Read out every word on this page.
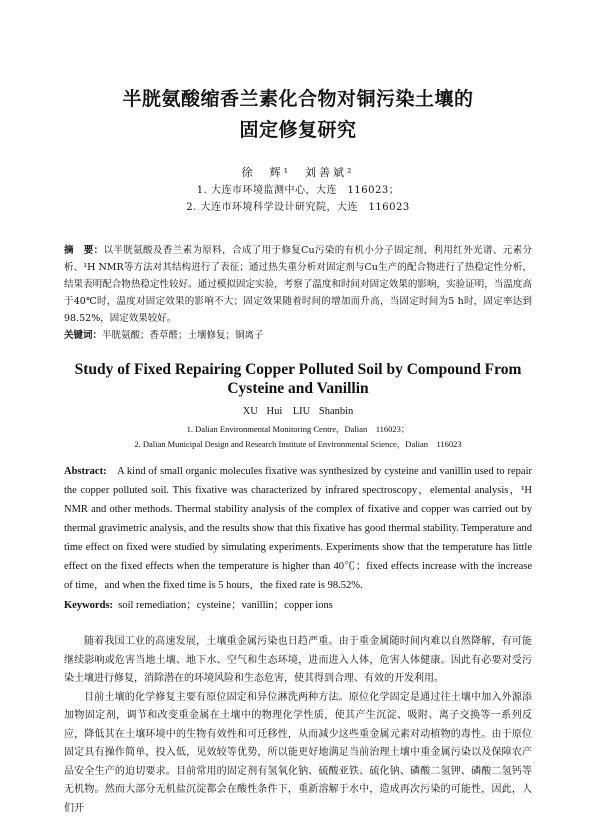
半胱氨酸缩香兰素化合物对铜污染土壤的
固定修复研究
徐　辉¹　刘善斌²
1. 大连市环境监测中心，大连　116023；
2. 大连市环境科学设计研究院，大连　116023
摘　要：以半胱氨酸及香兰素为原料，合成了用于修复Cu污染的有机小分子固定剂，利用红外光谱、元素分析、¹H NMR等方法对其结构进行了表征；通过热失重分析对固定剂与Cu生产的配合物进行了热稳定性分析，结果表明配合物热稳定性较好。通过模拟固定实验，考察了温度和时间对固定效果的影响，实验证明，当温度高于40℃时，温度对固定效果的影响不大；固定效果随着时间的增加而升高，当固定时间为5 h时，固定率达到98.52%，固定效果较好。
关键词：半胱氨酸；香草醛；土壤修复；铜离子
Study of Fixed Repairing Copper Polluted Soil by Compound From Cysteine and Vanillin
XU Hui　LIU Shanbin
1. Dalian Environmental Monitoring Centre，Dalian　116023；
2. Dalian Municipal Design and Research Institute of Environmental Science，Dalian　116023
Abstract:  A kind of small organic molecules fixative was synthesized by cysteine and vanillin used to repair the copper polluted soil. This fixative was characterized by infrared spectroscopy，elemental analysis，¹H NMR and other methods. Thermal stability analysis of the complex of fixative and copper was carried out by thermal gravimetric analysis, and the results show that this fixative has good thermal stability. Temperature and time effect on fixed were studied by simulating experiments. Experiments show that the temperature has little effect on the fixed effects when the temperature is higher than 40℃；fixed effects increase with the increase of time，and when the fixed time is 5 hours，the fixed rate is 98.52%.
Keywords:  soil remediation；cysteine；vanillin；copper ions

随着我国工业的高速发展，土壤重金属污染也日趋严重。由于重金属随时间内难以自然降解，有可能继续影响或危害当地土壤、地下水、空气和生态环境，进而进入人体，危害人体健康。因此有必要对受污染土壤进行修复，消除潜在的环境风险和生态危害，使其得到合理、有效的开发利用。

目前土壤的化学修复主要有原位固定和异位淋洗两种方法。原位化学固定是通过往土壤中加入外源添加物固定剂，调节和改变重金属在土壤中的物理化学性质，使其产生沉淀、吸附、离子交换等一系列反应，降低其在土壤环境中的生物有效性和可迁移性，从而减少这些重金属元素对动植物的毒性。由于原位固定具有操作简单，投入低，见效较等优势，所以能更好地满足当前治理土壤中重金属污染以及保障农产品安全生产的迫切要求。目前常用的固定剂有氢氧化钠、硫酸亚铁、硫化钠、磷酸二氢钾、磷酸二氢钙等无机物。然而大部分无机盐沉淀都会在酸性条件下，重新溶解于水中，造成再次污染的可能性，因此，人们开
